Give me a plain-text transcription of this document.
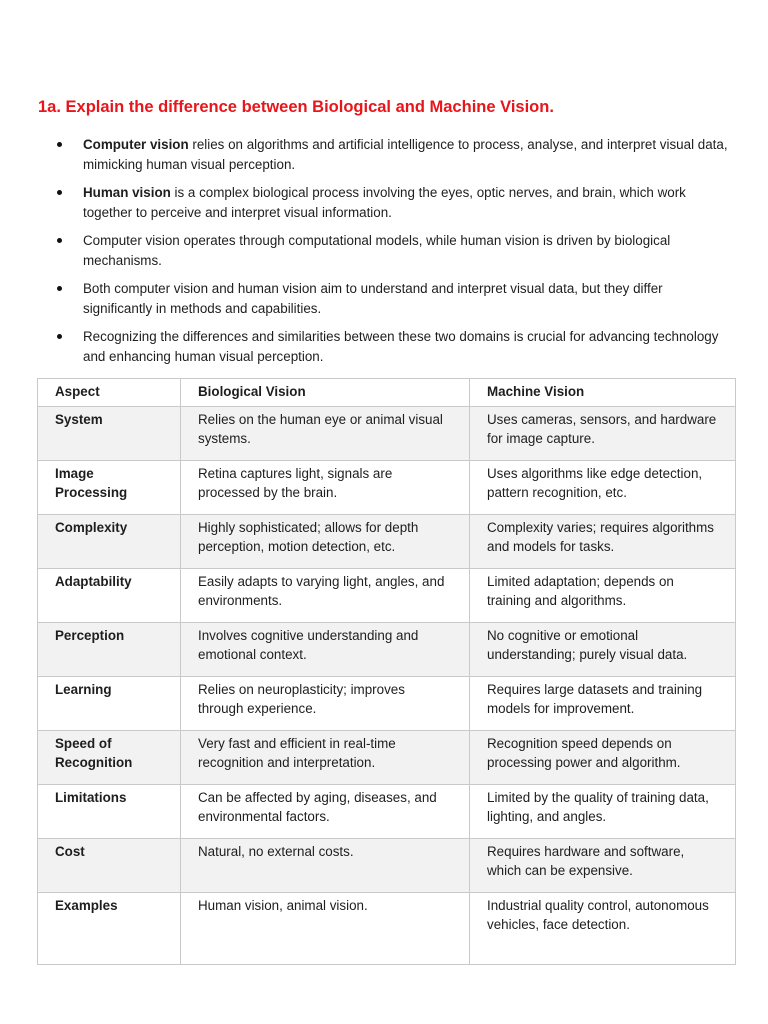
1a. Explain the difference between Biological and Machine Vision.
Computer vision relies on algorithms and artificial intelligence to process, analyse, and interpret visual data, mimicking human visual perception.
Human vision is a complex biological process involving the eyes, optic nerves, and brain, which work together to perceive and interpret visual information.
Computer vision operates through computational models, while human vision is driven by biological mechanisms.
Both computer vision and human vision aim to understand and interpret visual data, but they differ significantly in methods and capabilities.
Recognizing the differences and similarities between these two domains is crucial for advancing technology and enhancing human visual perception.
Aspect	Biological Vision	Machine Vision
System	Relies on the human eye or animal visual systems.	Uses cameras, sensors, and hardware for image capture.
Image Processing	Retina captures light, signals are processed by the brain.	Uses algorithms like edge detection, pattern recognition, etc.
Complexity	Highly sophisticated; allows for depth perception, motion detection, etc.	Complexity varies; requires algorithms and models for tasks.
Adaptability	Easily adapts to varying light, angles, and environments.	Limited adaptation; depends on training and algorithms.
Perception	Involves cognitive understanding and emotional context.	No cognitive or emotional understanding; purely visual data.
Learning	Relies on neuroplasticity; improves through experience.	Requires large datasets and training models for improvement.
Speed of Recognition	Very fast and efficient in real-time recognition and interpretation.	Recognition speed depends on processing power and algorithm.
Limitations	Can be affected by aging, diseases, and environmental factors.	Limited by the quality of training data, lighting, and angles.
Cost	Natural, no external costs.	Requires hardware and software, which can be expensive.
Examples	Human vision, animal vision.	Industrial quality control, autonomous vehicles, face detection.
